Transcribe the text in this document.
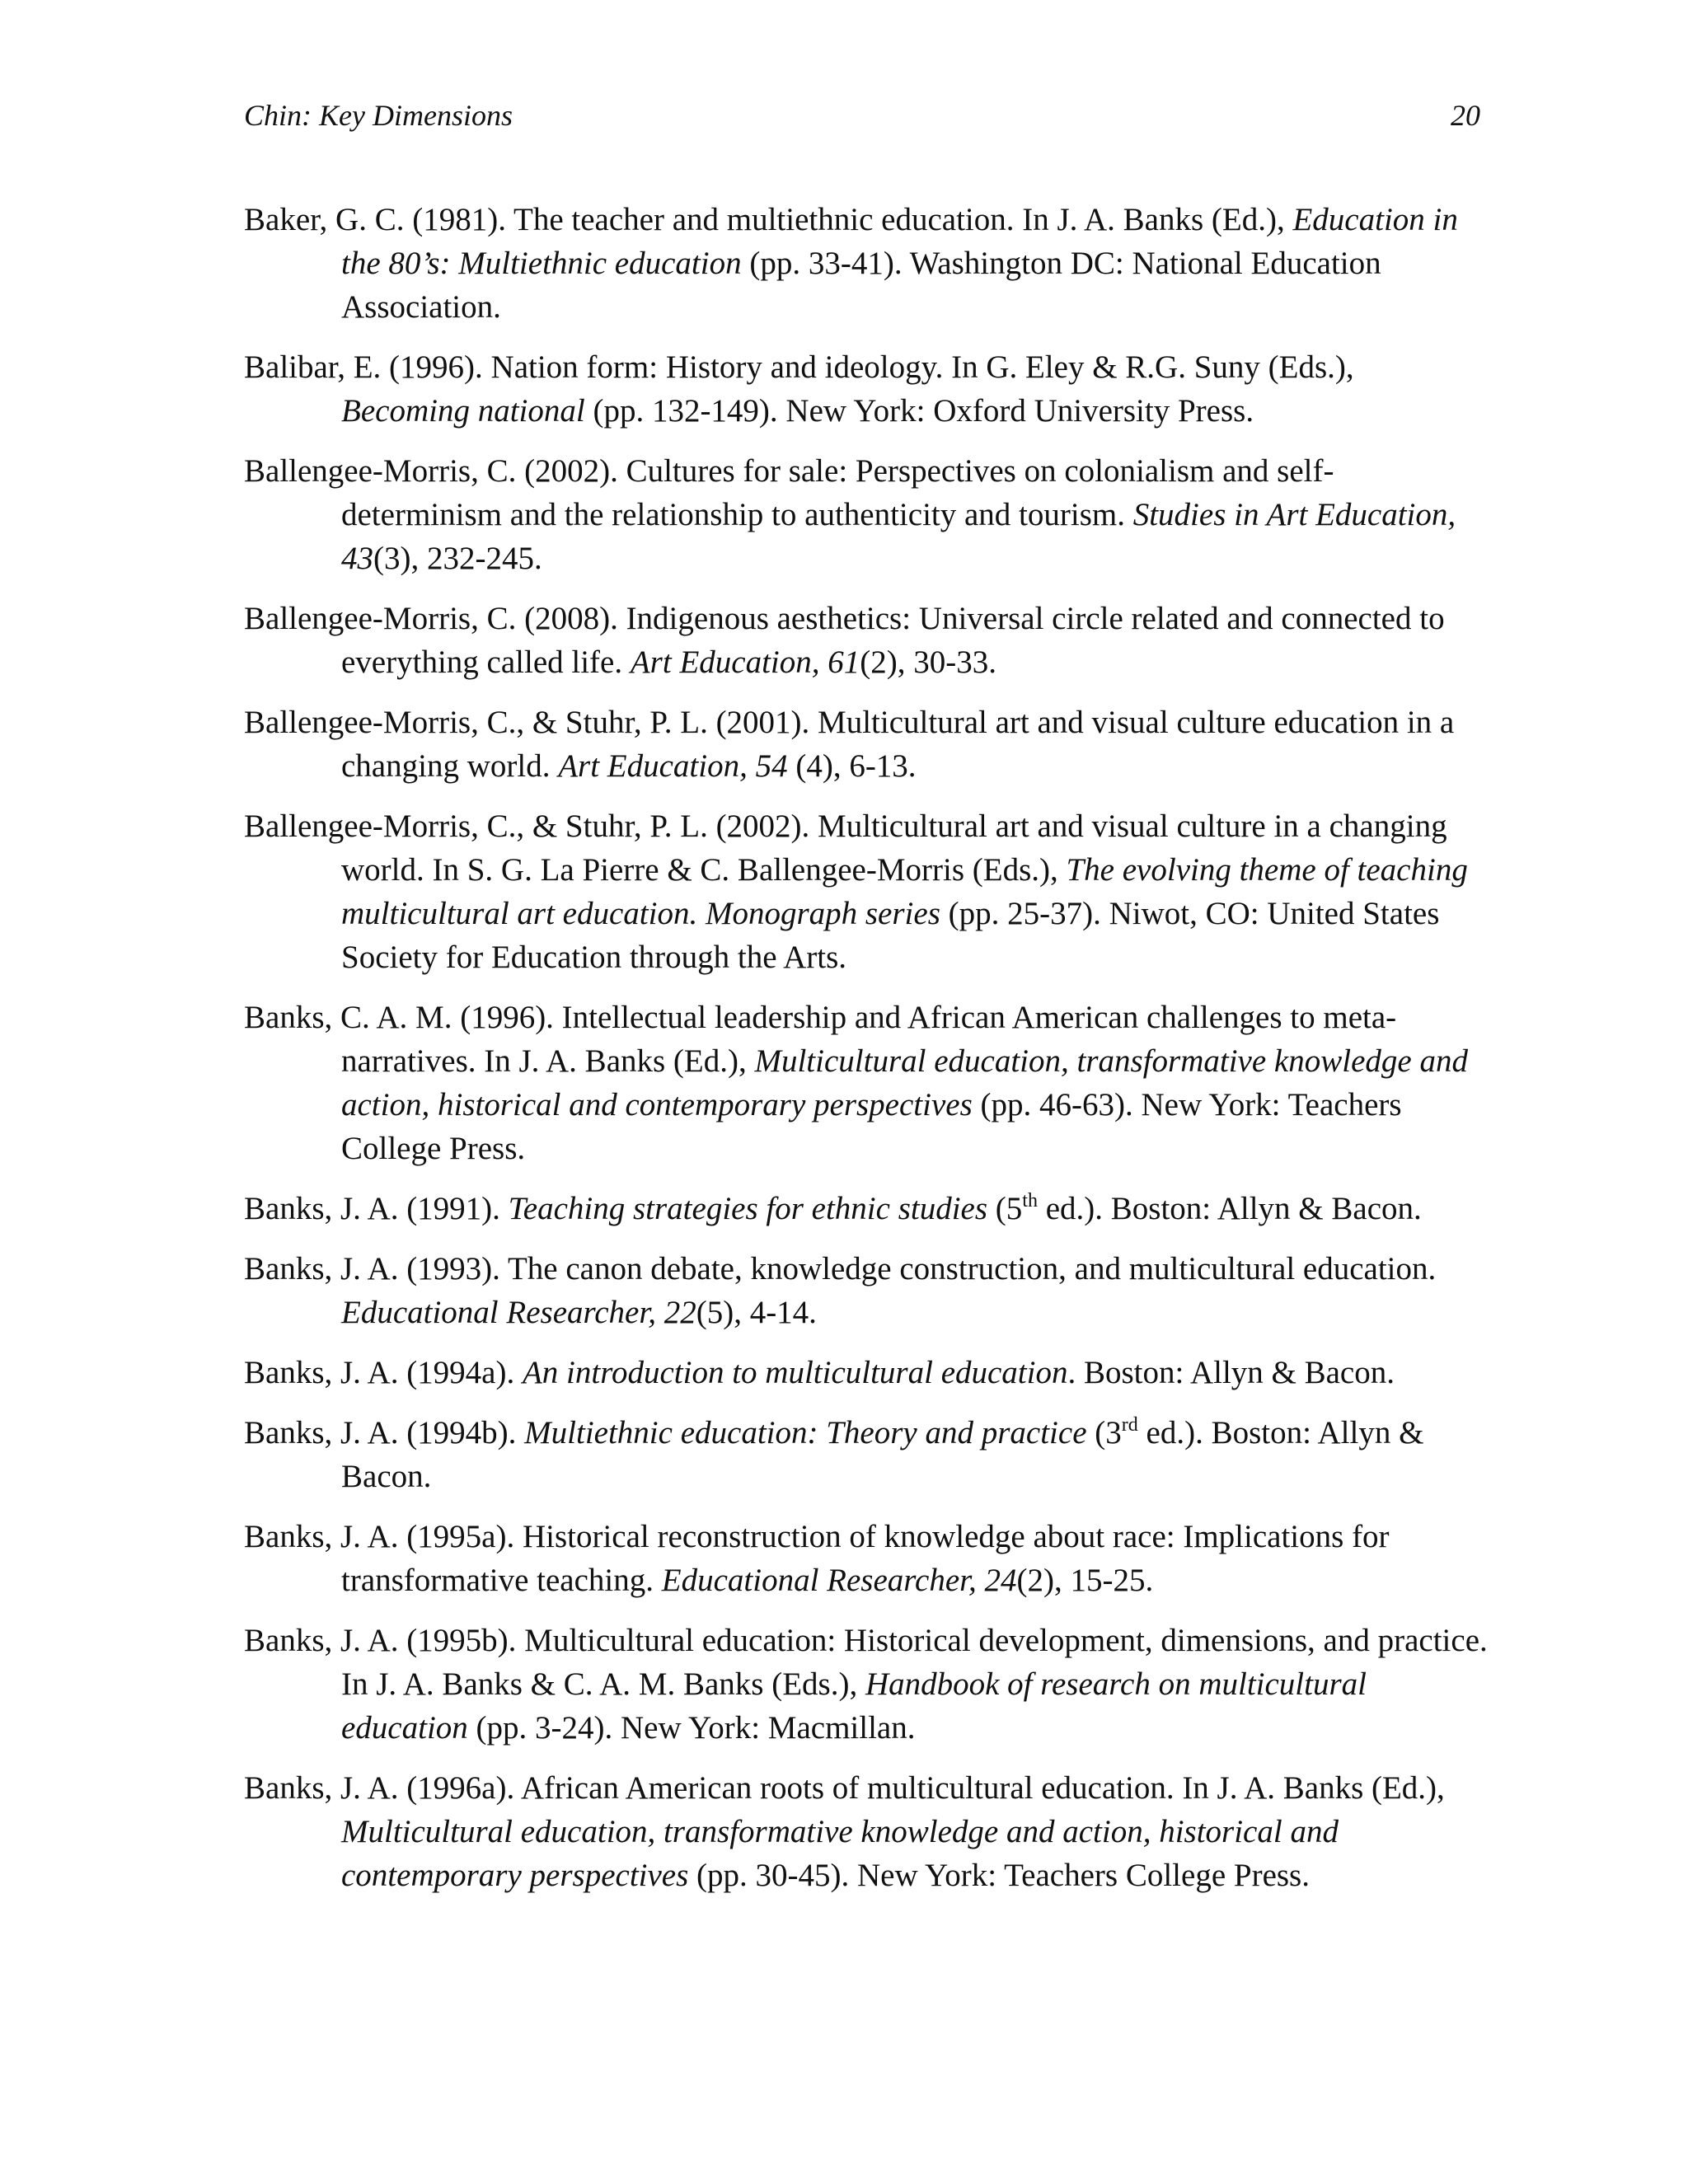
Chin: Key Dimensions	20

Baker, G. C. (1981). The teacher and multiethnic education. In J. A. Banks (Ed.), Education in the 80’s: Multiethnic education (pp. 33-41). Washington DC: National Education Association.

Balibar, E. (1996). Nation form: History and ideology. In G. Eley & R.G. Suny (Eds.), Becoming national (pp. 132-149). New York: Oxford University Press.

Ballengee-Morris, C. (2002). Cultures for sale: Perspectives on colonialism and self-determinism and the relationship to authenticity and tourism. Studies in Art Education, 43(3), 232-245.

Ballengee-Morris, C. (2008). Indigenous aesthetics: Universal circle related and connected to everything called life. Art Education, 61(2), 30-33.

Ballengee-Morris, C., & Stuhr, P. L. (2001). Multicultural art and visual culture education in a changing world. Art Education, 54 (4), 6-13.

Ballengee-Morris, C., & Stuhr, P. L. (2002). Multicultural art and visual culture in a changing world. In S. G. La Pierre & C. Ballengee-Morris (Eds.), The evolving theme of teaching multicultural art education. Monograph series (pp. 25-37). Niwot, CO: United States Society for Education through the Arts.

Banks, C. A. M. (1996). Intellectual leadership and African American challenges to meta-narratives. In J. A. Banks (Ed.), Multicultural education, transformative knowledge and action, historical and contemporary perspectives (pp. 46-63). New York: Teachers College Press.

Banks, J. A. (1991). Teaching strategies for ethnic studies (5th ed.). Boston: Allyn & Bacon.

Banks, J. A. (1993). The canon debate, knowledge construction, and multicultural education. Educational Researcher, 22(5), 4-14.

Banks, J. A. (1994a). An introduction to multicultural education. Boston: Allyn & Bacon.

Banks, J. A. (1994b). Multiethnic education: Theory and practice (3rd ed.). Boston: Allyn & Bacon.

Banks, J. A. (1995a). Historical reconstruction of knowledge about race: Implications for transformative teaching. Educational Researcher, 24(2), 15-25.

Banks, J. A. (1995b). Multicultural education: Historical development, dimensions, and practice. In J. A. Banks & C. A. M. Banks (Eds.), Handbook of research on multicultural education (pp. 3-24). New York: Macmillan.

Banks, J. A. (1996a). African American roots of multicultural education. In J. A. Banks (Ed.), Multicultural education, transformative knowledge and action, historical and contemporary perspectives (pp. 30-45). New York: Teachers College Press.
